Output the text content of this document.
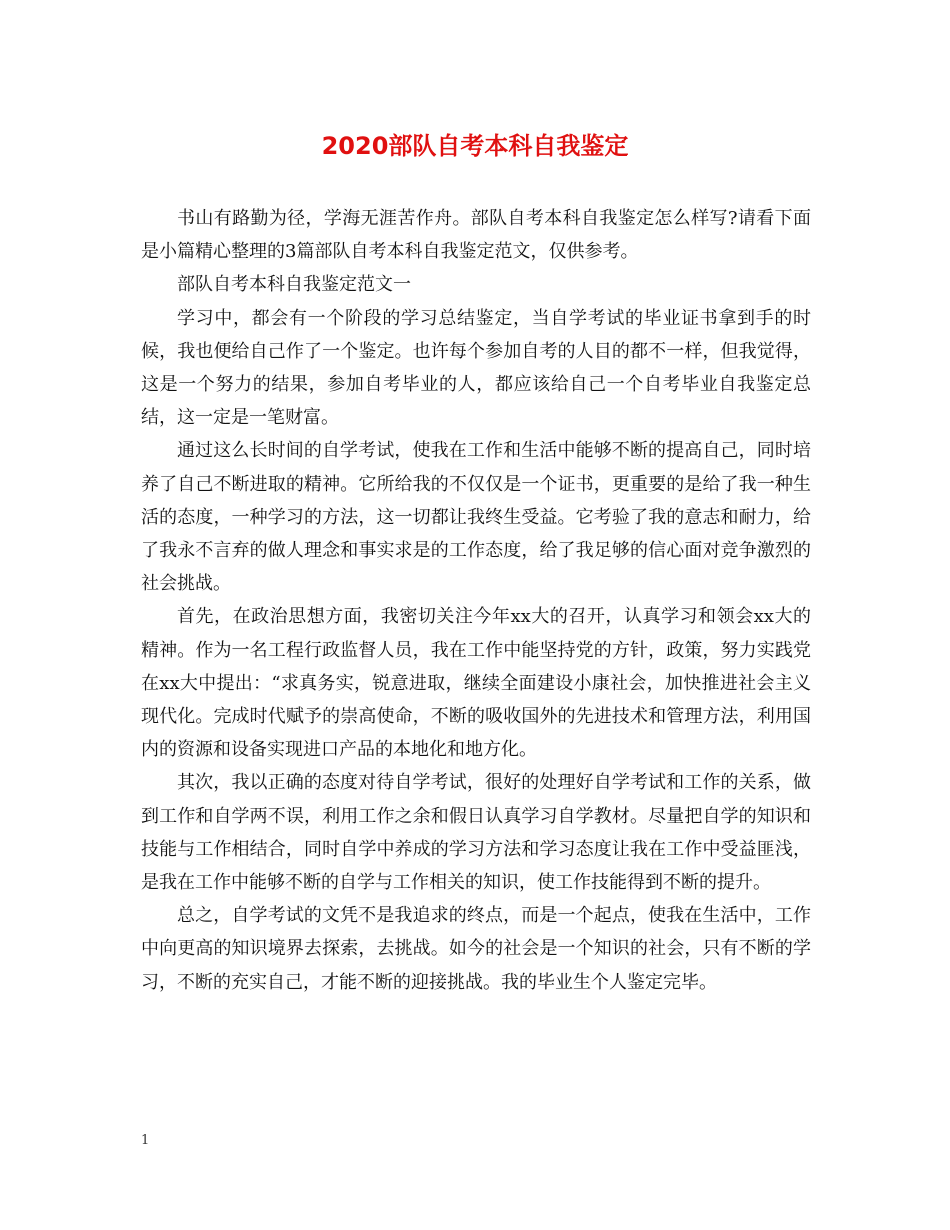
2020部队自考本科自我鉴定

书山有路勤为径，学海无涯苦作舟。部队自考本科自我鉴定怎么样写?请看下面是小篇精心整理的3篇部队自考本科自我鉴定范文，仅供参考。

部队自考本科自我鉴定范文一

学习中，都会有一个阶段的学习总结鉴定，当自学考试的毕业证书拿到手的时候，我也便给自己作了一个鉴定。也许每个参加自考的人目的都不一样，但我觉得，这是一个努力的结果，参加自考毕业的人，都应该给自己一个自考毕业自我鉴定总结，这一定是一笔财富。

通过这么长时间的自学考试，使我在工作和生活中能够不断的提高自己，同时培养了自己不断进取的精神。它所给我的不仅仅是一个证书，更重要的是给了我一种生活的态度，一种学习的方法，这一切都让我终生受益。它考验了我的意志和耐力，给了我永不言弃的做人理念和事实求是的工作态度，给了我足够的信心面对竞争激烈的社会挑战。

首先，在政治思想方面，我密切关注今年xx大的召开，认真学习和领会xx大的精神。作为一名工程行政监督人员，我在工作中能坚持党的方针，政策，努力实践党在xx大中提出：“求真务实，锐意进取，继续全面建设小康社会，加快推进社会主义现代化。完成时代赋予的崇高使命，不断的吸收国外的先进技术和管理方法，利用国内的资源和设备实现进口产品的本地化和地方化。

其次，我以正确的态度对待自学考试，很好的处理好自学考试和工作的关系，做到工作和自学两不误，利用工作之余和假日认真学习自学教材。尽量把自学的知识和技能与工作相结合，同时自学中养成的学习方法和学习态度让我在工作中受益匪浅，是我在工作中能够不断的自学与工作相关的知识，使工作技能得到不断的提升。

总之，自学考试的文凭不是我追求的终点，而是一个起点，使我在生活中，工作中向更高的知识境界去探索，去挑战。如今的社会是一个知识的社会，只有不断的学习，不断的充实自己，才能不断的迎接挑战。我的毕业生个人鉴定完毕。

1
